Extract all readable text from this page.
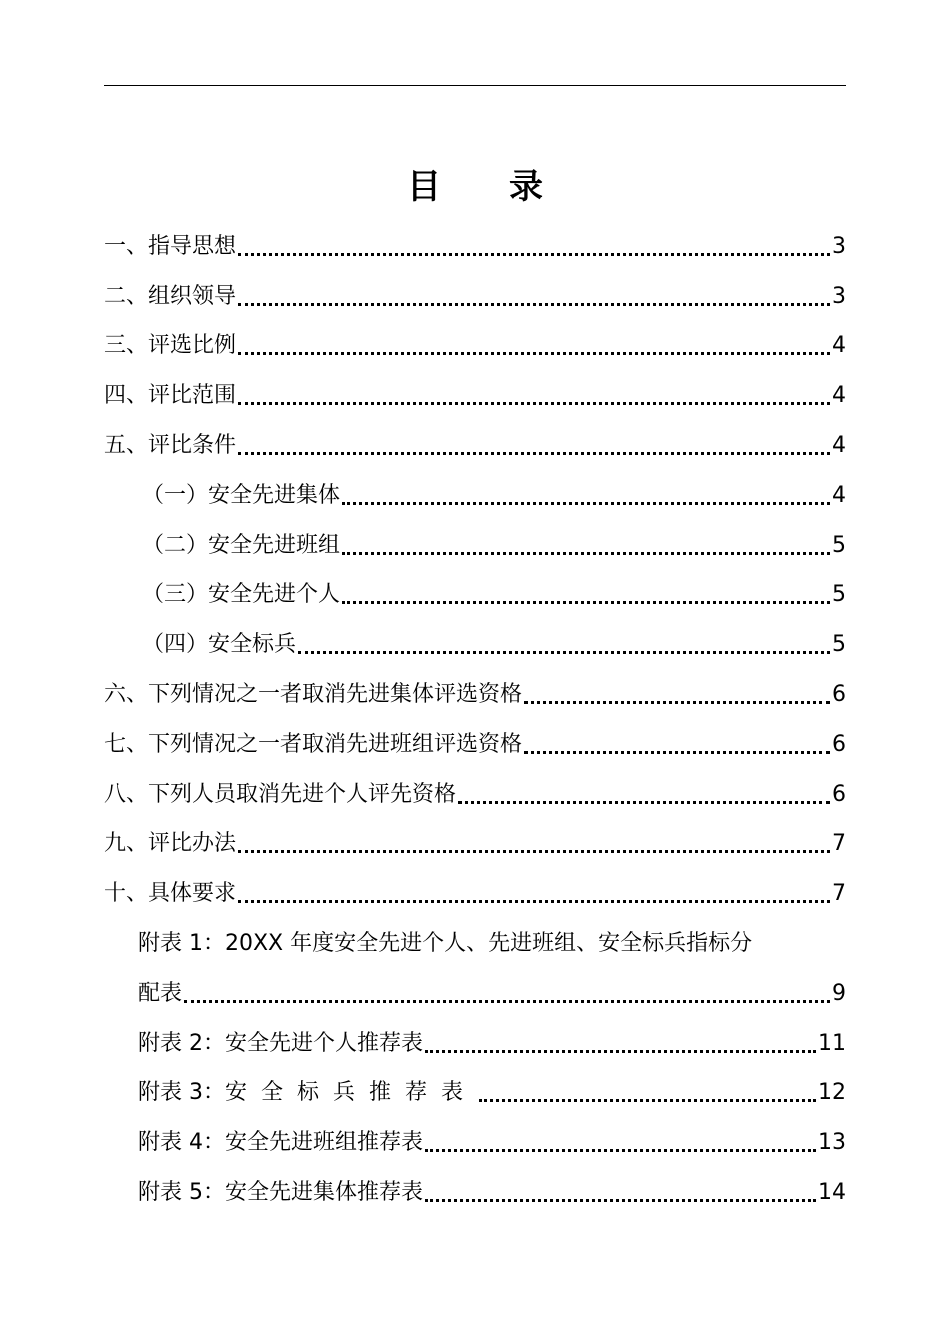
目 录
一、指导思想	3
二、组织领导	3
三、评选比例	4
四、评比范围	4
五、评比条件	4
（一）安全先进集体	4
（二）安全先进班组	5
（三）安全先进个人	5
（四）安全标兵	5
六、下列情况之一者取消先进集体评选资格	6
七、下列情况之一者取消先进班组评选资格	6
八、下列人员取消先进个人评先资格	6
九、评比办法	7
十、具体要求	7
附表 1：20XX 年度安全先进个人、先进班组、安全标兵指标分
配表	9
附表 2：安全先进个人推荐表	11
附表 3： 安全标兵推荐表	12
附表 4：安全先进班组推荐表	13
附表 5：安全先进集体推荐表	14
